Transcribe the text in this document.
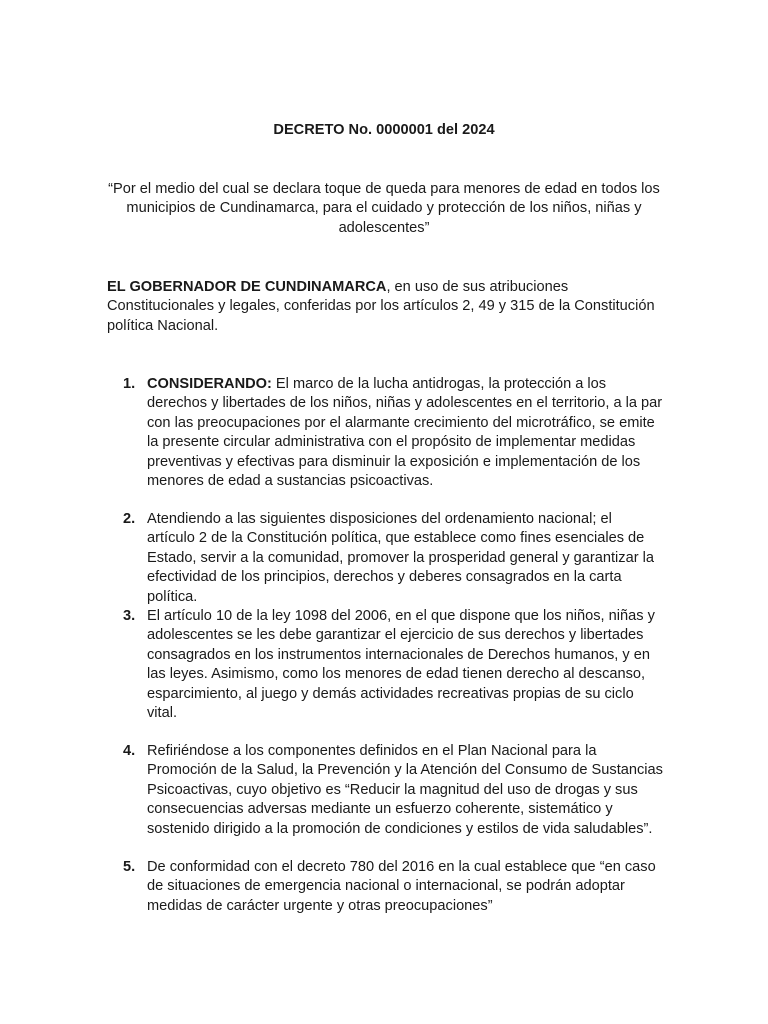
DECRETO No. 0000001 del 2024
“Por el medio del cual se declara toque de queda para menores de edad en todos los municipios de Cundinamarca, para el cuidado y protección de los niños, niñas y adolescentes”
EL GOBERNADOR DE CUNDINAMARCA, en uso de sus atribuciones Constitucionales y legales, conferidas por los artículos 2, 49 y 315 de la Constitución política Nacional.
1. CONSIDERANDO: El marco de la lucha antidrogas, la protección a los derechos y libertades de los niños, niñas y adolescentes en el territorio, a la par con las preocupaciones por el alarmante crecimiento del microtráfico, se emite la presente circular administrativa con el propósito de implementar medidas preventivas y efectivas para disminuir la exposición e implementación de los menores de edad a sustancias psicoactivas.
2. Atendiendo a las siguientes disposiciones del ordenamiento nacional; el artículo 2 de la Constitución política, que establece como fines esenciales de Estado, servir a la comunidad, promover la prosperidad general y garantizar la efectividad de los principios, derechos y deberes consagrados en la carta política.
3. El artículo 10 de la ley 1098 del 2006, en el que dispone que los niños, niñas y adolescentes se les debe garantizar el ejercicio de sus derechos y libertades consagrados en los instrumentos internacionales de Derechos humanos, y en las leyes. Asimismo, como los menores de edad tienen derecho al descanso, esparcimiento, al juego y demás actividades recreativas propias de su ciclo vital.
4. Refiriéndose a los componentes definidos en el Plan Nacional para la Promoción de la Salud, la Prevención y la Atención del Consumo de Sustancias Psicoactivas, cuyo objetivo es “Reducir la magnitud del uso de drogas y sus consecuencias adversas mediante un esfuerzo coherente, sistemático y sostenido dirigido a la promoción de condiciones y estilos de vida saludables”.
5. De conformidad con el decreto 780 del 2016 en la cual establece que “en caso de situaciones de emergencia nacional o internacional, se podrán adoptar medidas de carácter urgente y otras preocupaciones”
